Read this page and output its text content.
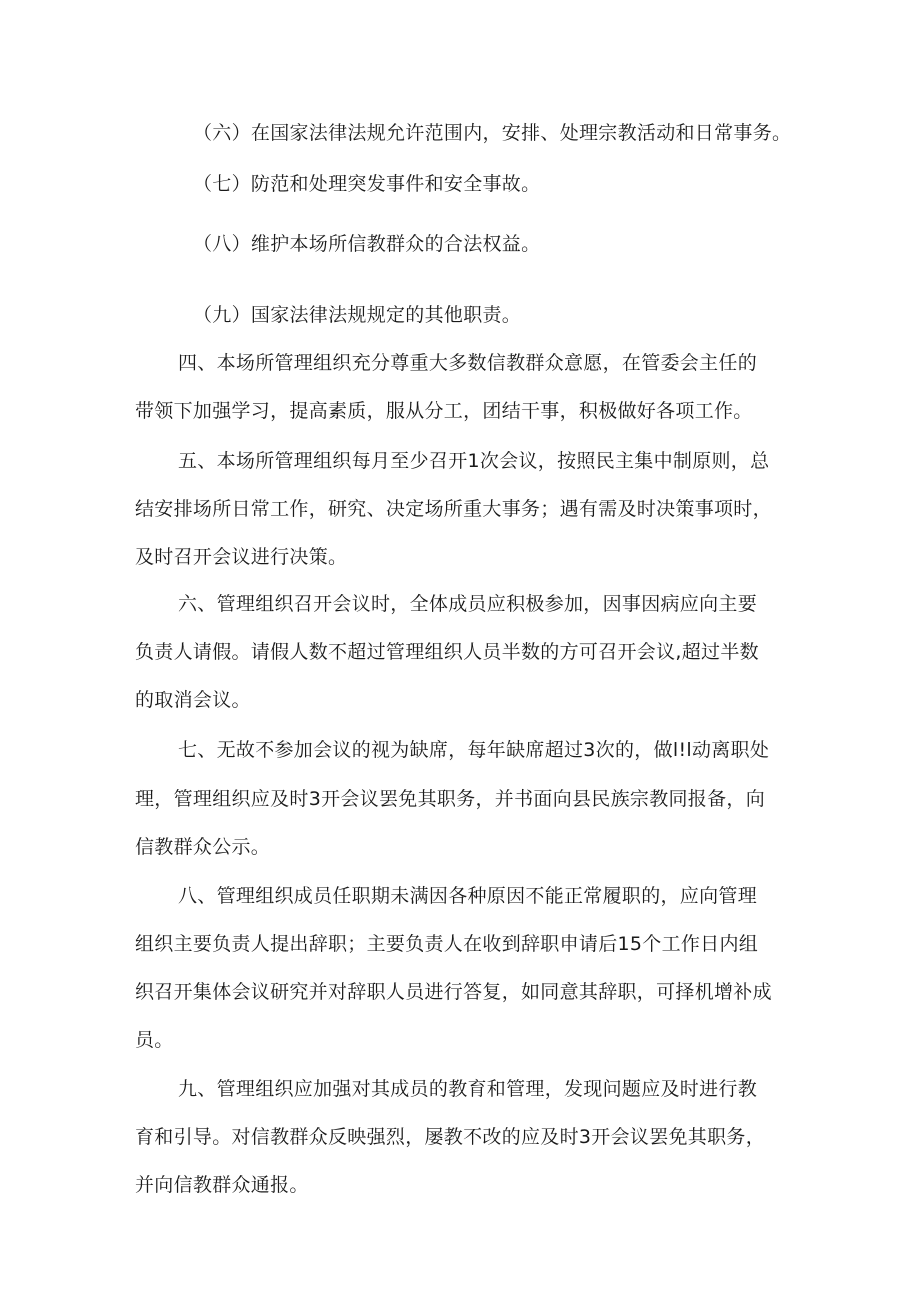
（六）在国家法律法规允许范围内，安排、处理宗教活动和日常事务。
（七）防范和处理突发事件和安全事故。
（八）维护本场所信教群众的合法权益。
（九）国家法律法规规定的其他职责。
四、本场所管理组织充分尊重大多数信教群众意愿，在管委会主任的
带领下加强学习，提高素质，服从分工，团结干事，积极做好各项工作。
五、本场所管理组织每月至少召开1次会议，按照民主集中制原则，总
结安排场所日常工作，研究、决定场所重大事务；遇有需及时决策事项时，
及时召开会议进行决策。
六、管理组织召开会议时，全体成员应积极参加，因事因病应向主要
负责人请假。请假人数不超过管理组织人员半数的方可召开会议,超过半数
的取消会议。
七、无故不参加会议的视为缺席，每年缺席超过3次的，做l!l动离职处
理，管理组织应及时3开会议罢免其职务，并书面向县民族宗教同报备，向
信教群众公示。
八、管理组织成员任职期未满因各种原因不能正常履职的，应向管理
组织主要负责人提出辞职；主要负责人在收到辞职申请后15个工作日内组
织召开集体会议研究并对辞职人员进行答复，如同意其辞职，可择机增补成
员。
九、管理组织应加强对其成员的教育和管理，发现问题应及时进行教
育和引导。对信教群众反映强烈，屡教不改的应及时3开会议罢免其职务，
并向信教群众通报。
